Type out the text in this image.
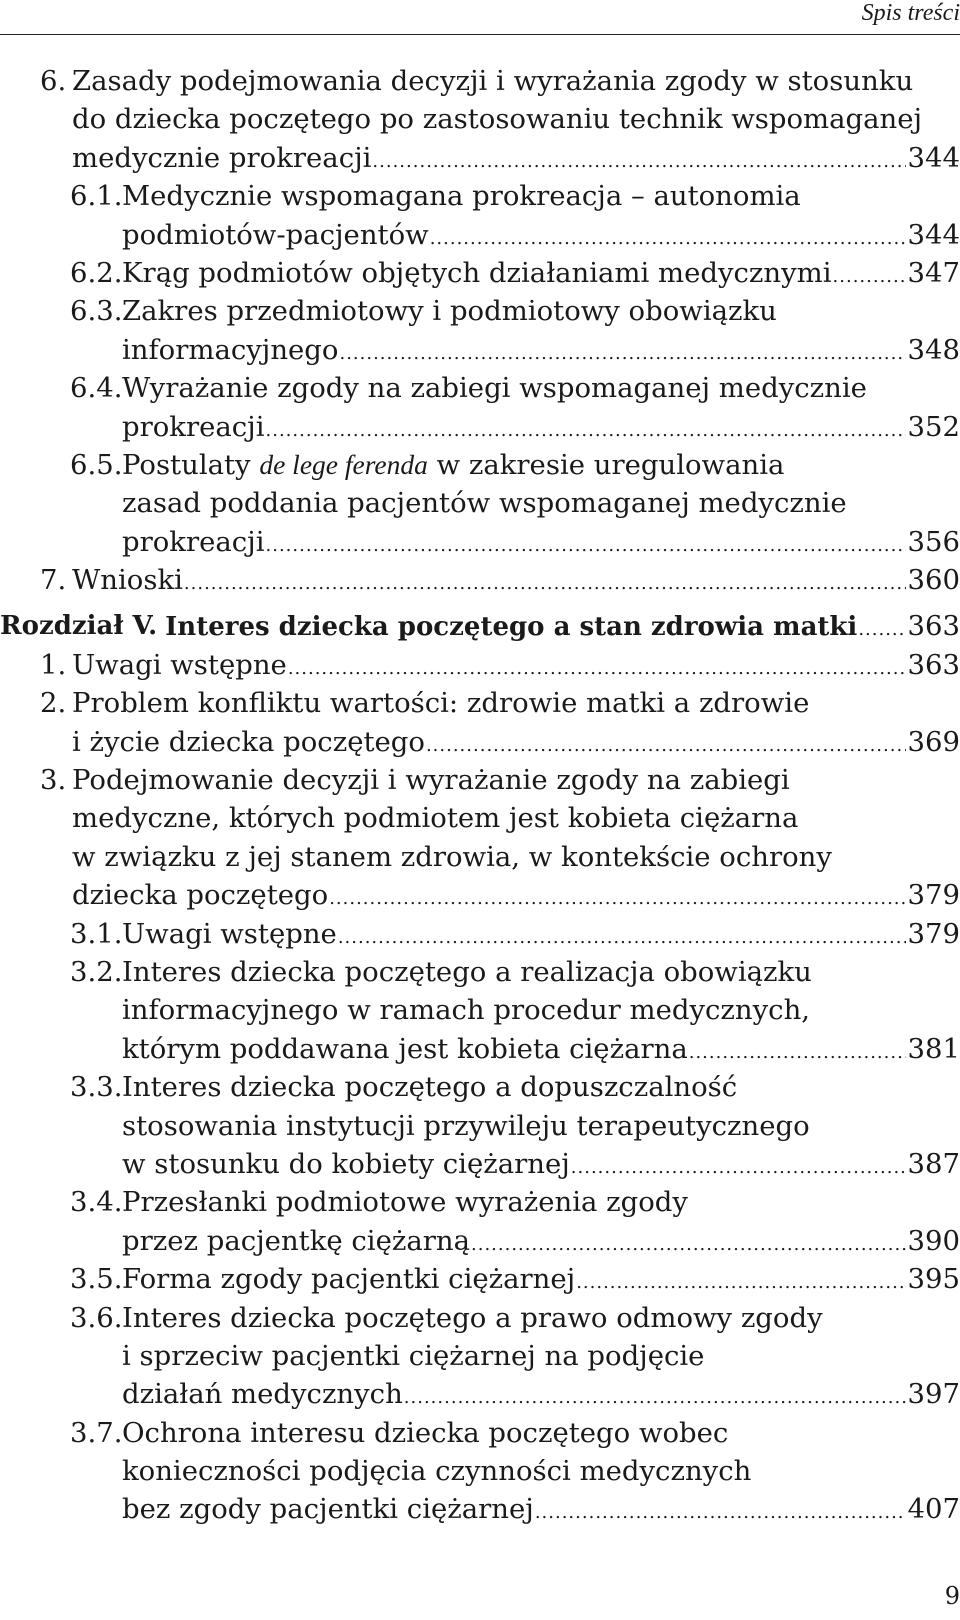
Spis treści
6. Zasady podejmowania decyzji i wyrażania zgody w stosunku
do dziecka poczętego po zastosowaniu technik wspomaganej
medycznie prokreacji .....	344
6.1. Medycznie wspomagana prokreacja – autonomia
podmiotów-pacjentów .....	344
6.2. Krąg podmiotów objętych działaniami medycznymi .....	347
6.3. Zakres przedmiotowy i podmiotowy obowiązku
informacyjnego .....	348
6.4. Wyrażanie zgody na zabiegi wspomaganej medycznie
prokreacji .....	352
6.5. Postulaty de lege ferenda w zakresie uregulowania
zasad poddania pacjentów wspomaganej medycznie
prokreacji .....	356
7. Wnioski .....	360
Rozdział V. Interes dziecka poczętego a stan zdrowia matki ..... 363
1. Uwagi wstępne .....	363
2. Problem konfliktu wartości: zdrowie matki a zdrowie
i życie dziecka poczętego .....	369
3. Podejmowanie decyzji i wyrażanie zgody na zabiegi
medyczne, których podmiotem jest kobieta ciężarna
w związku z jej stanem zdrowia, w kontekście ochrony
dziecka poczętego .....	379
3.1. Uwagi wstępne .....	379
3.2. Interes dziecka poczętego a realizacja obowiązku
informacyjnego w ramach procedur medycznych,
którym poddawana jest kobieta ciężarna .....	381
3.3. Interes dziecka poczętego a dopuszczalność
stosowania instytucji przywileju terapeutycznego
w stosunku do kobiety ciężarnej .....	387
3.4. Przesłanki podmiotowe wyrażenia zgody
przez pacjentkę ciężarną .....	390
3.5. Forma zgody pacjentki ciężarnej .....	395
3.6. Interes dziecka poczętego a prawo odmowy zgody
i sprzeciw pacjentki ciężarnej na podjęcie
działań medycznych .....	397
3.7. Ochrona interesu dziecka poczętego wobec
konieczności podjęcia czynności medycznych
bez zgody pacjentki ciężarnej .....	407
9
